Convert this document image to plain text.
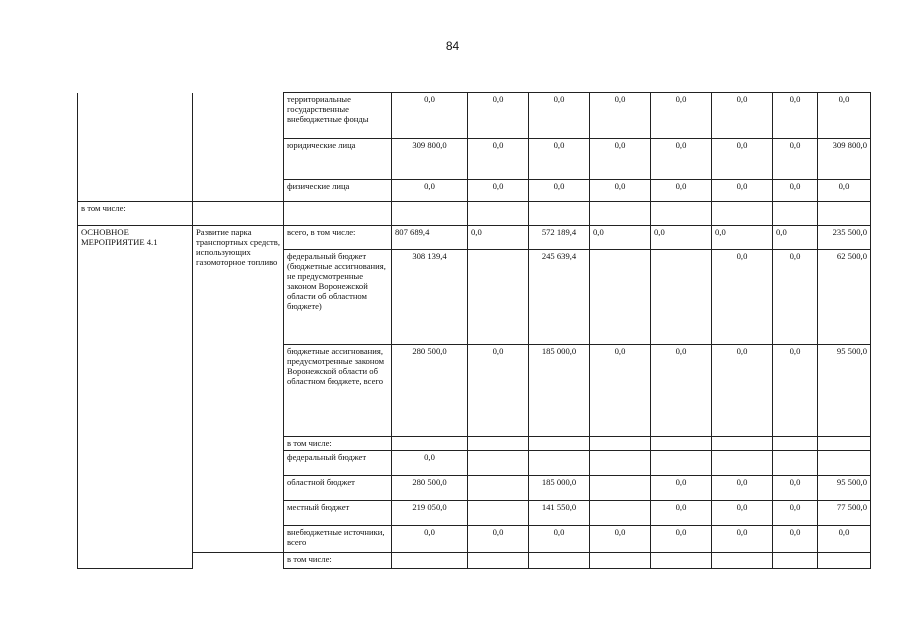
84
		территориальные государственные внебюджетные фонды	0,0	0,0	0,0	0,0	0,0	0,0	0,0	0,0
		юридические лица	309 800,0	0,0	0,0	0,0	0,0	0,0	0,0	309 800,0
		физические лица	0,0	0,0	0,0	0,0	0,0	0,0	0,0	0,0
в том числе:										
ОСНОВНОЕ МЕРОПРИЯТИЕ 4.1	Развитие парка транспортных средств, использующих газомоторное топливо	всего, в том числе:	807 689,4	0,0	572 189,4	0,0	0,0	0,0	0,0	235 500,0
		федеральный бюджет (бюджетные ассигнования, не предусмотренные законом Воронежской области об областном бюджете)	308 139,4		245 639,4			0,0	0,0	62 500,0
		бюджетные ассигнования, предусмотренные законом Воронежской области об областном бюджете, всего	280 500,0	0,0	185 000,0	0,0	0,0	0,0	0,0	95 500,0
		в том числе:								
		федеральный бюджет	0,0							
		областной бюджет	280 500,0		185 000,0		0,0	0,0	0,0	95 500,0
		местный бюджет	219 050,0		141 550,0		0,0	0,0	0,0	77 500,0
		внебюджетные источники, всего	0,0	0,0	0,0	0,0	0,0	0,0	0,0	0,0
		в том числе:								
